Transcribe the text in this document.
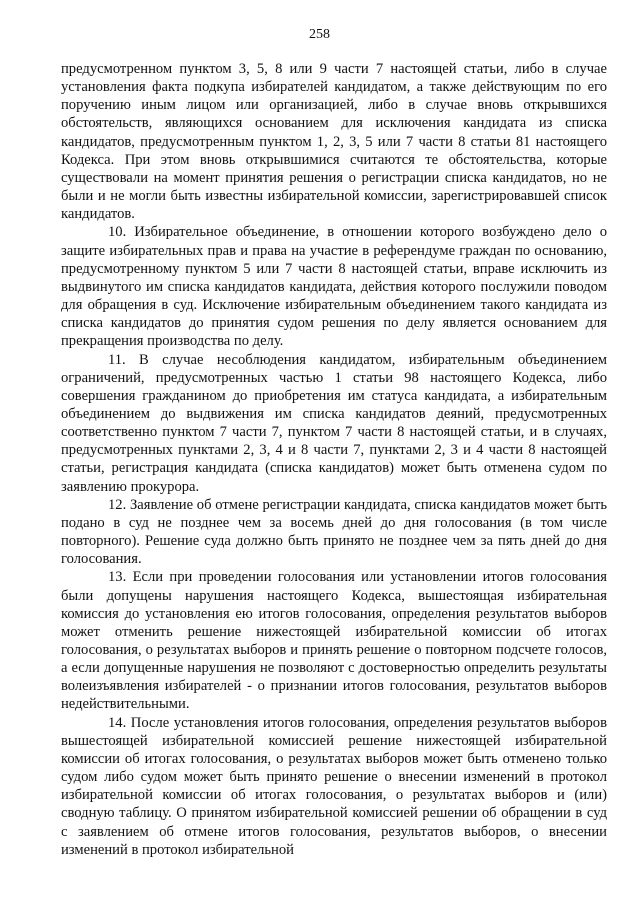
258

предусмотренном пунктом 3, 5, 8 или 9 части 7 настоящей статьи, либо в случае установления факта подкупа избирателей кандидатом, а также действующим по его поручению иным лицом или организацией, либо в случае вновь открывшихся обстоятельств, являющихся основанием для исключения кандидата из списка кандидатов, предусмотренным пунктом 1, 2, 3, 5 или 7 части 8 статьи 81 настоящего Кодекса. При этом вновь открывшимися считаются те обстоятельства, которые существовали на момент принятия решения о регистрации списка кандидатов, но не были и не могли быть известны избирательной комиссии, зарегистрировавшей список кандидатов.

10. Избирательное объединение, в отношении которого возбуждено дело о защите избирательных прав и права на участие в референдуме граждан по основанию, предусмотренному пунктом 5 или 7 части 8 настоящей статьи, вправе исключить из выдвинутого им списка кандидатов кандидата, действия которого послужили поводом для обращения в суд. Исключение избирательным объединением такого кандидата из списка кандидатов до принятия судом решения по делу является основанием для прекращения производства по делу.

11. В случае несоблюдения кандидатом, избирательным объединением ограничений, предусмотренных частью 1 статьи 98 настоящего Кодекса, либо совершения гражданином до приобретения им статуса кандидата, а избирательным объединением до выдвижения им списка кандидатов деяний, предусмотренных соответственно пунктом 7 части 7, пунктом 7 части 8 настоящей статьи, и в случаях, предусмотренных пунктами 2, 3, 4 и 8 части 7, пунктами 2, 3 и 4 части 8 настоящей статьи, регистрация кандидата (списка кандидатов) может быть отменена судом по заявлению прокурора.

12. Заявление об отмене регистрации кандидата, списка кандидатов может быть подано в суд не позднее чем за восемь дней до дня голосования (в том числе повторного). Решение суда должно быть принято не позднее чем за пять дней до дня голосования.

13. Если при проведении голосования или установлении итогов голосования были допущены нарушения настоящего Кодекса, вышестоящая избирательная комиссия до установления ею итогов голосования, определения результатов выборов может отменить решение нижестоящей избирательной комиссии об итогах голосования, о результатах выборов и принять решение о повторном подсчете голосов, а если допущенные нарушения не позволяют с достоверностью определить результаты волеизъявления избирателей - о признании итогов голосования, результатов выборов недействительными.

14. После установления итогов голосования, определения результатов выборов вышестоящей избирательной комиссией решение нижестоящей избирательной комиссии об итогах голосования, о результатах выборов может быть отменено только судом либо судом может быть принято решение о внесении изменений в протокол избирательной комиссии об итогах голосования, о результатах выборов и (или) сводную таблицу. О принятом избирательной комиссией решении об обращении в суд с заявлением об отмене итогов голосования, результатов выборов, о внесении изменений в протокол избирательной
